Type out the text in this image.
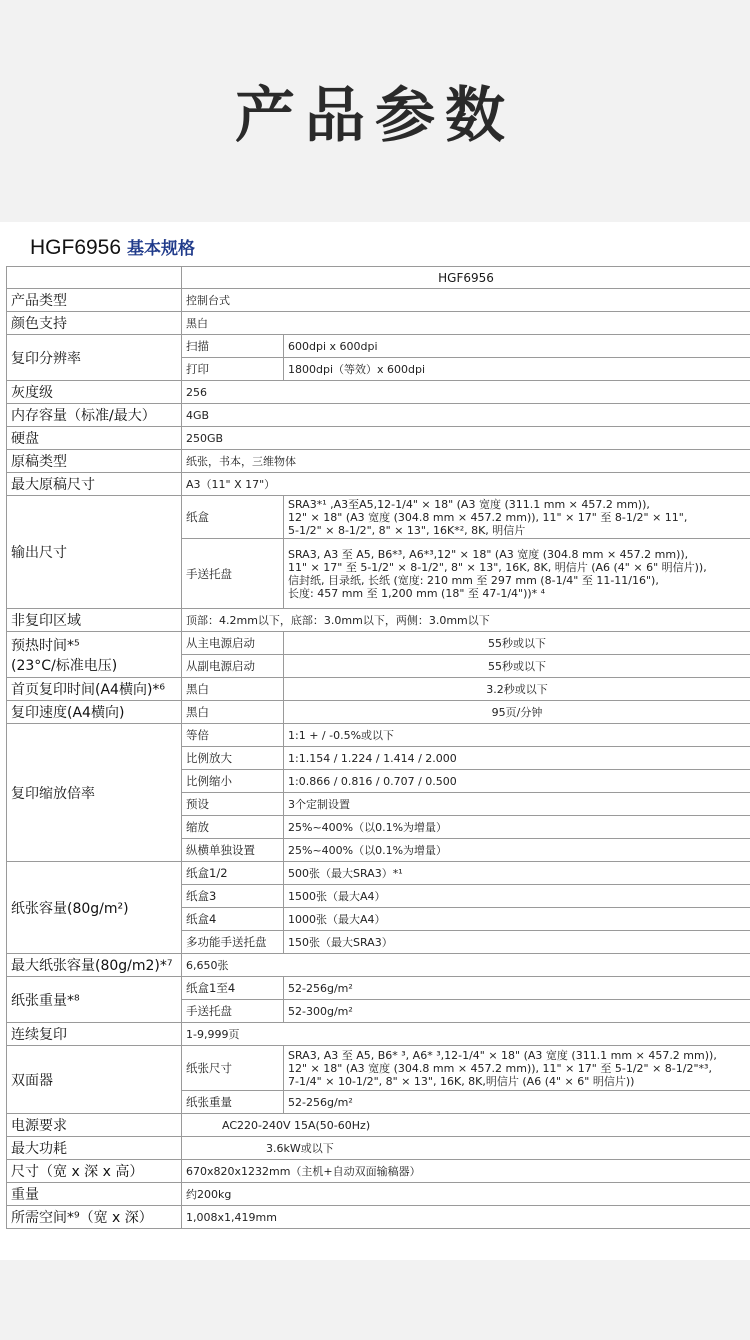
产品参数
HGF6956 基本规格
	HGF6956	
产品类型	控制台式	
颜色支持	黑白	
复印分辨率	扫描	600dpi x 600dpi
	打印	1800dpi（等效）x 600dpi
灰度级	256	
内存容量（标准/最大）	4GB	
硬盘	250GB	
原稿类型	纸张，书本，三维物体	
最大原稿尺寸	A3（11" X 17"）	
输出尺寸	纸盒	SRA3*¹ ,A3至A5,12-1/4" × 18" (A3 宽度 (311.1 mm × 457.2 mm)),
12" × 18" (A3 宽度 (304.8 mm × 457.2 mm)), 11" × 17" 至 8-1/2" × 11",
5-1/2" × 8-1/2", 8" × 13", 16K*², 8K, 明信片

	手送托盘	SRA3, A3 至 A5, B6*³, A6*³,12" × 18" (A3 宽度 (304.8 mm × 457.2 mm)),
11" × 17" 至 5-1/2" × 8-1/2", 8" × 13", 16K, 8K, 明信片 (A6 (4" × 6" 明信片)),
信封纸, 目录纸, 长纸 (宽度: 210 mm 至 297 mm (8-1/4" 至 11-11/16"),
长度: 457 mm 至 1,200 mm (18" 至 47-1/4"))* ⁴

非复印区域	顶部：4.2mm以下，底部：3.0mm以下，两侧：3.0mm以下	

预热时间*⁵
(23°C/标准电压)	从主电源启动	55秒或以下
	从副电源启动	55秒或以下
首页复印时间(A4横向)*⁶	黑白	3.2秒或以下
复印速度(A4横向)	黑白	95页/分钟
复印缩放倍率	等倍	1:1 + / -0.5%或以下
	比例放大	1:1.154 / 1.224 / 1.414 / 2.000
	比例缩小	1:0.866 / 0.816 / 0.707 / 0.500
	预设	3个定制设置
	缩放	25%~400%（以0.1%为增量）
	纵横单独设置	25%~400%（以0.1%为增量）
纸张容量(80g/m²)	纸盒1/2	500张（最大SRA3）*¹
	纸盒3	1500张（最大A4）
	纸盒4	1000张（最大A4）
	多功能手送托盘	150张（最大SRA3）
最大纸张容量(80g/m2)*⁷	6,650张	
纸张重量*⁸	纸盒1至4	52-256g/m²
	手送托盘	52-300g/m²
连续复印	1-9,999页	
双面器	纸张尺寸	SRA3, A3 至 A5, B6* ³, A6* ³,12-1/4" × 18" (A3 宽度 (311.1 mm × 457.2 mm)),
12" × 18" (A3 宽度 (304.8 mm × 457.2 mm)), 11" × 17" 至 5-1/2" × 8-1/2"*³,
7-1/4" × 10-1/2", 8" × 13", 16K, 8K,明信片 (A6 (4" × 6" 明信片))

	纸张重量	52-256g/m²
电源要求	AC220-240V 15A(50-60Hz)	
最大功耗	3.6kW或以下	
尺寸（宽 x 深 x 高）	670x820x1232mm（主机+自动双面输稿器）	
重量	约200kg	
所需空间*⁹（宽 x 深）	1,008x1,419mm	
